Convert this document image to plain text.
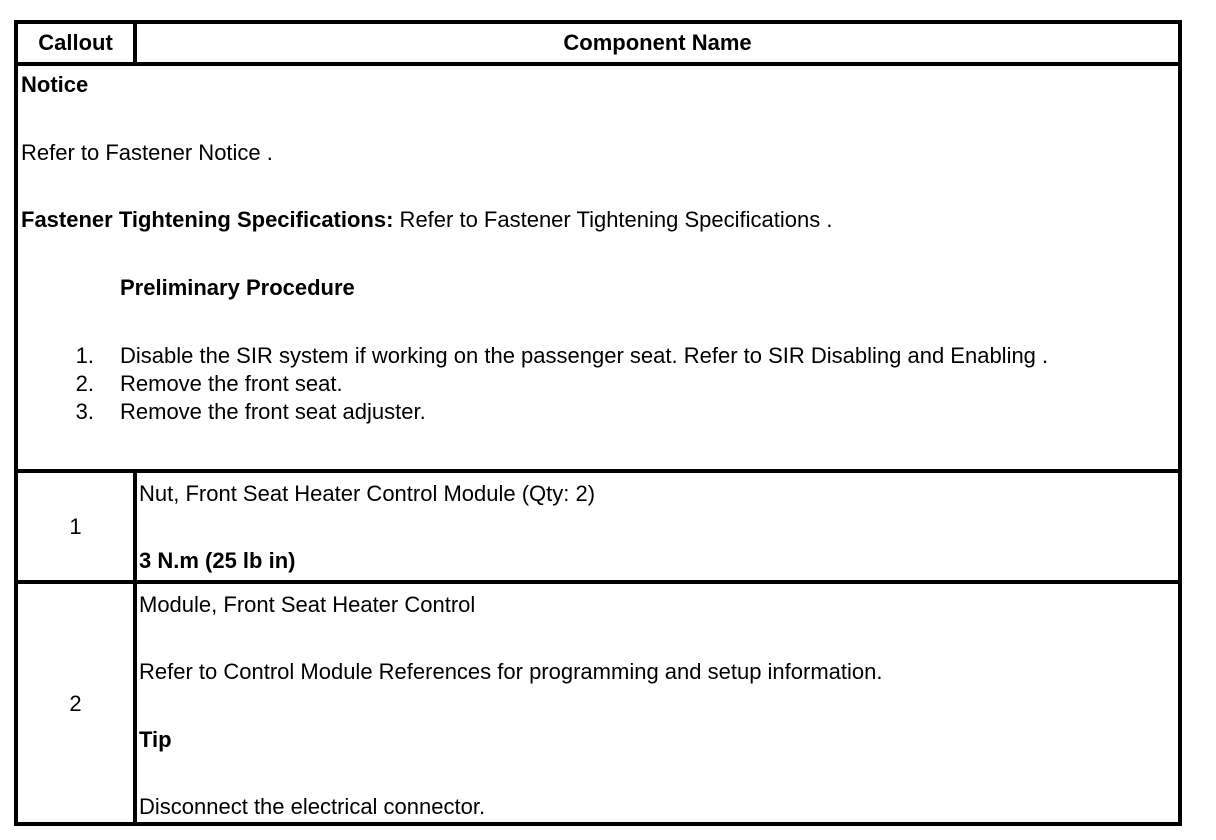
Callout	Component Name
Notice
Refer to Fastener Notice .
Fastener Tightening Specifications: Refer to Fastener Tightening Specifications .
Preliminary Procedure
1. Disable the SIR system if working on the passenger seat. Refer to SIR Disabling and Enabling .
2. Remove the front seat.
3. Remove the front seat adjuster.
1
Nut, Front Seat Heater Control Module (Qty: 2)
3 N.m (25 lb in)
2
Module, Front Seat Heater Control
Refer to Control Module References for programming and setup information.
Tip
Disconnect the electrical connector.
